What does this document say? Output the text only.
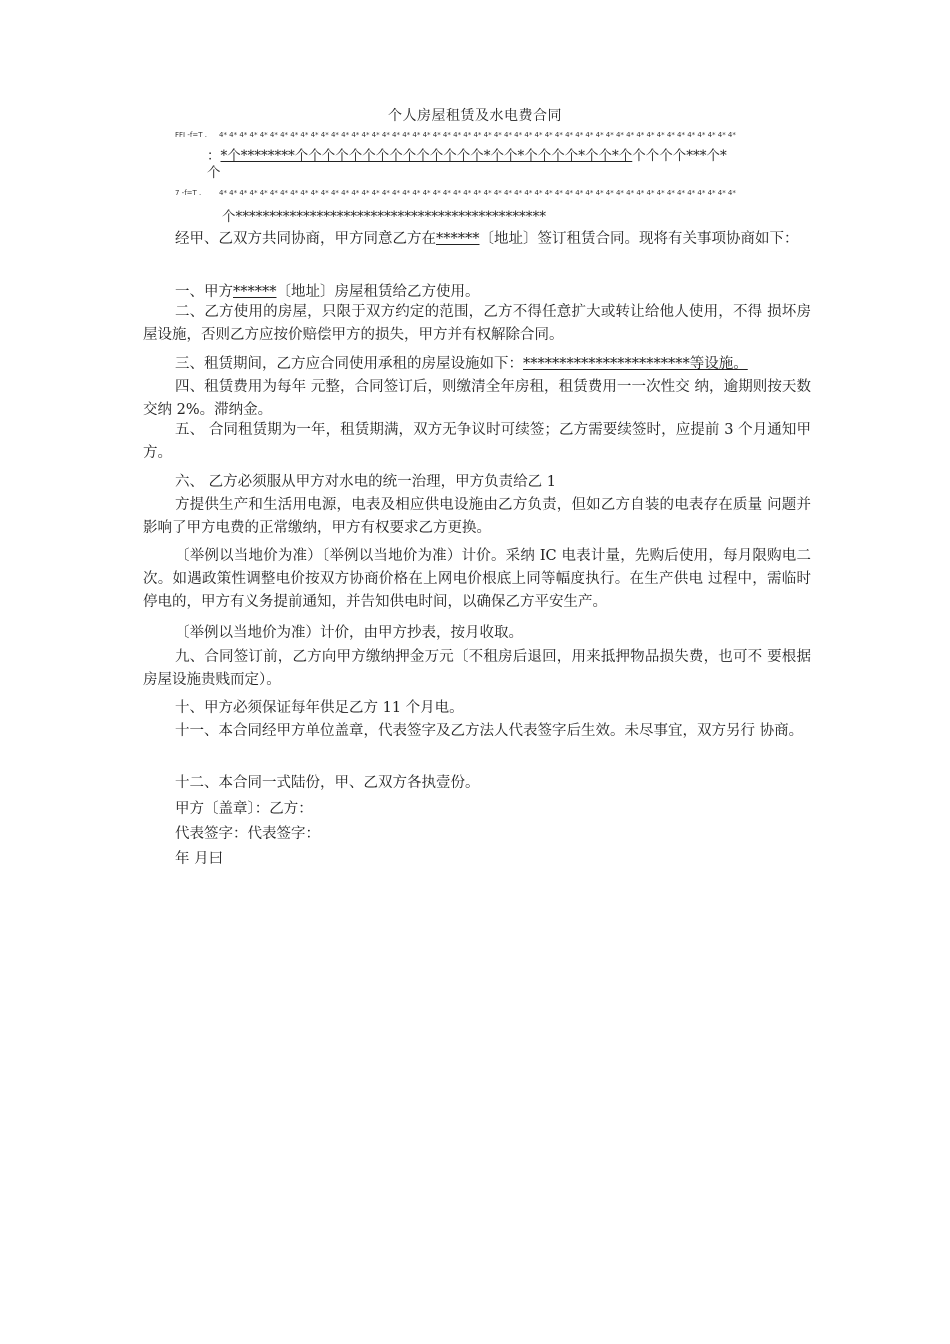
个人房屋租赁及水电费合同
FFI -f=T . 4* 4* 4* 4* 4* 4* 4* 4* 4* 4* 4* 4* 4* 4* 4* 4* 4* 4* 4* 4* 4* 4* 4* 4* 4* 4* 4* 4* 4* 4* 4* 4* 4* 4* 4* 4* 4* 4* 4* 4* 4* 4* 4* 4* 4* 4* 4* 4* 4* 4* 4*
：*个********个个个个个个个个个个个个个个*个个*个个个个*个个*个个个个个***个*
个
7 -f=T .	4* 4* 4* 4* 4* 4* 4* 4* 4* 4* 4* 4* 4* 4* 4* 4* 4* 4* 4* 4* 4* 4* 4* 4* 4* 4* 4* 4* 4* 4* 4* 4* 4* 4* 4* 4* 4* 4* 4* 4* 4* 4* 4* 4* 4* 4* 4* 4* 4* 4* 4*
个**********************************************
经甲、乙双方共同协商，甲方同意乙方在******〔地址〕签订租赁合同。现将有关事项协商如下：
一、甲方******〔地址〕房屋租赁给乙方使用。
二、乙方使用的房屋，只限于双方约定的范围，乙方不得任意扩大或转让给他人使用，不得 损坏房屋设施，否则乙方应按价赔偿甲方的损失，甲方并有权解除合同。
三、租赁期间，乙方应合同使用承租的房屋设施如下：***********************等设施。
四、租赁费用为每年 元整，合同签订后，则缴清全年房租，租赁费用一一次性交 纳，逾期则按天数交纳 2%。滞纳金。
五、 合同租赁期为一年，租赁期满，双方无争议时可续签；乙方需要续签时，应提前 3 个月通知甲方。
六、 乙方必须服从甲方对水电的统一治理，甲方负责给乙 1
方提供生产和生活用电源，电表及相应供电设施由乙方负责，但如乙方自装的电表存在质量 问题并影响了甲方电费的正常缴纳，甲方有权要求乙方更换。
〔举例以当地价为准）〔举例以当地价为准）计价。采纳 IC 电表计量，先购后使用，每月限购电二次。如遇政策性调整电价按双方协商价格在上网电价根底上同等幅度执行。在生产供电 过程中，需临时停电的，甲方有义务提前通知，并告知供电时间，以确保乙方平安生产。
〔举例以当地价为准）计价，由甲方抄表，按月收取。
九、合同签订前，乙方向甲方缴纳押金万元〔不租房后退回，用来抵押物品损失费，也可不 要根据房屋设施贵贱而定）。
十、甲方必须保证每年供足乙方 11 个月电。
十一、本合同经甲方单位盖章，代表签字及乙方法人代表签字后生效。未尽事宜，双方另行 协商。
十二、本合同一式陆份，甲、乙双方各执壹份。
甲方〔盖章〕：乙方：
代表签字：代表签字：
年 月曰
